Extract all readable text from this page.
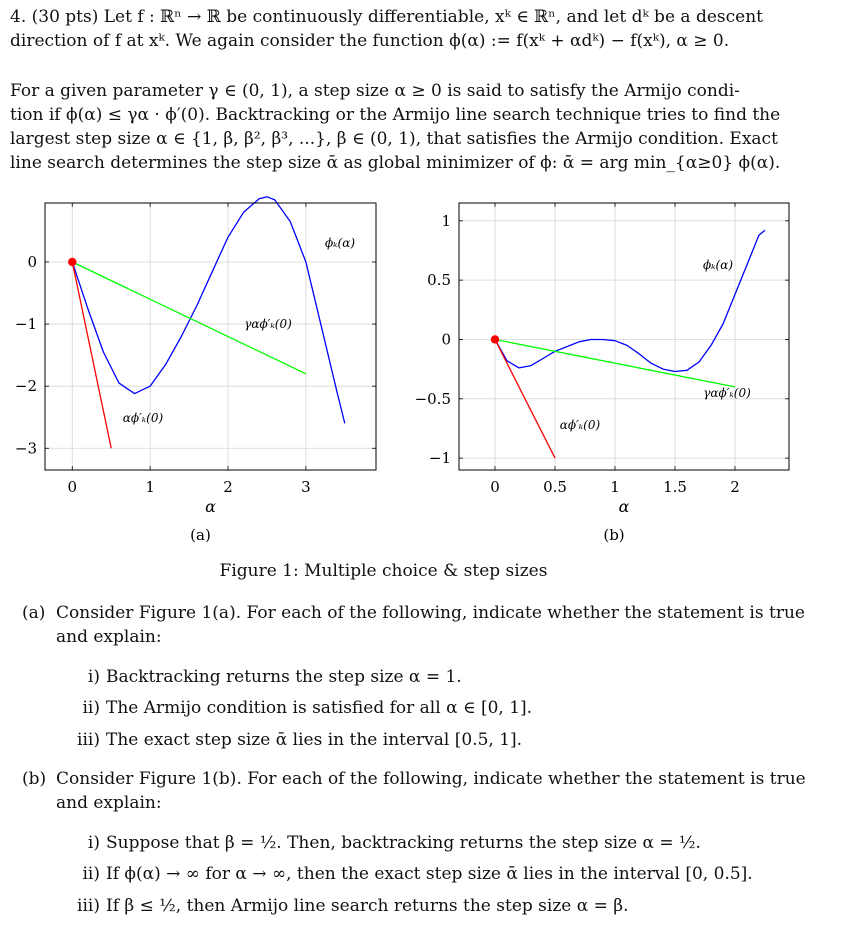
4. (30 pts) Let f : ℝⁿ → ℝ be continuously differentiable, xᵏ ∈ ℝⁿ, and let dᵏ be a descent

direction of f at xᵏ. We again consider the function ϕ(α) := f(xᵏ + αdᵏ) − f(xᵏ), α ≥ 0.

For a given parameter γ ∈ (0, 1), a step size α ≥ 0 is said to satisfy the Armijo condi-

tion if ϕ(α) ≤ γα · ϕ′(0). Backtracking or the Armijo line search technique tries to find the

largest step size α ∈ {1, β, β², β³, ...}, β ∈ (0, 1), that satisfies the Armijo condition. Exact

line search determines the step size ᾱ as global minimizer of ϕ: ᾱ = arg min_{α≥0} ϕ(α).

0	1	2	3
0
−1
−2
−3
α
ϕₖ(α)
γαϕ′ₖ(0)
αϕ′ₖ(0)
(a)
0	0.5	1	1.5	2
1
0.5
0
−0.5
−1
α
ϕₖ(α)
γαϕ′ₖ(0)
αϕ′ₖ(0)
(b)
Figure 1: Multiple choice & step sizes
(a) Consider Figure 1(a). For each of the following, indicate whether the statement is true
and explain:
i) Backtracking returns the step size α = 1.
ii) The Armijo condition is satisfied for all α ∈ [0, 1].
iii) The exact step size ᾱ lies in the interval [0.5, 1].
(b) Consider Figure 1(b). For each of the following, indicate whether the statement is true
and explain:
i) Suppose that β = ½. Then, backtracking returns the step size α = ½.
ii) If ϕ(α) → ∞ for α → ∞, then the exact step size ᾱ lies in the interval [0, 0.5].
iii) If β ≤ ½, then Armijo line search returns the step size α = β.
